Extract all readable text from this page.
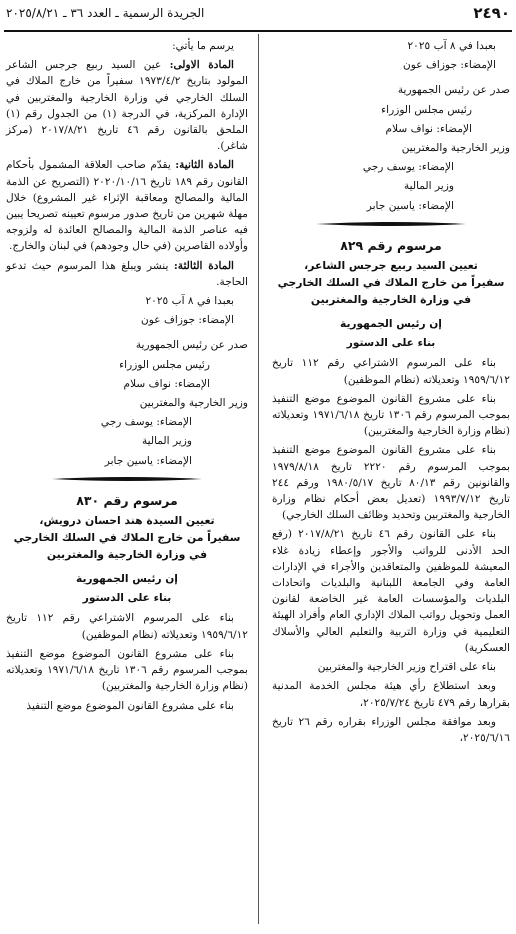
٢٤٩٠
الجريدة الرسمية ـ العدد ٣٦ ـ ٢٠٢٥/٨/٢١

بعبدا في ٨ آب ٢٠٢٥

الإمضاء: جوزاف عون

صدر عن رئيس الجمهورية

رئيس مجلس الوزراء

الإمضاء: نواف سلام

وزير الخارجية والمغتربين

الإمضاء: يوسف رجي

وزير المالية

الإمضاء: ياسين جابر

مرسوم رقم ٨٢٩
تعيين السيد ربيع جرجس الشاعر،
سفيراً من خارج الملاك في السلك الخارجي
في وزارة الخارجية والمغتربين

إن رئيس الجمهورية

بناء على الدستور

بناء على المرسوم الاشتراعي رقم ١١٢ تاريخ ١٩٥٩/٦/١٢ وتعديلاته (نظام الموظفين)

بناء على مشروع القانون الموضوع موضع التنفيذ بموجب المرسوم رقم ١٣٠٦ تاريخ ١٩٧١/٦/١٨ وتعديلاته (نظام وزارة الخارجية والمغتربين)

بناء على مشروع القانون الموضوع موضع التنفيذ بموجب المرسوم رقم ٢٢٢٠ تاريخ ١٩٧٩/٨/١٨ والقانونين رقم ٨٠/١٣ تاريخ ١٩٨٠/٥/١٧ ورقم ٢٤٤ تاريخ ١٩٩٣/٧/١٢ (تعديل بعض أحكام نظام وزارة الخارجية والمغتربين وتحديد وظائف السلك الخارجي)

بناء على القانون رقم ٤٦ تاريخ ٢٠١٧/٨/٢١ (رفع الحد الأدنى للرواتب والأجور وإعطاء زيادة غلاء المعيشة للموظفين والمتعاقدين والأجراء في الإدارات العامة وفي الجامعة اللبنانية والبلديات واتحادات البلديات والمؤسسات العامة غير الخاضعة لقانون العمل وتحويل رواتب الملاك الإداري العام وأفراد الهيئة التعليمية في وزارة التربية والتعليم العالي والأسلاك العسكرية)

بناء على اقتراح وزير الخارجية والمغتربين

وبعد استطلاع رأي هيئة مجلس الخدمة المدنية بقرارها رقم ٤٧٩ تاريخ ٢٠٢٥/٧/٢٤،

وبعد موافقة مجلس الوزراء بقراره رقم ٢٦ تاريخ ٢٠٢٥/٦/١٦،

يرسم ما يأتي:

المادة الاولى: عين السيد ربيع جرجس الشاعر المولود بتاريخ ١٩٧٣/٤/٢ سفيراً من خارج الملاك في السلك الخارجي في وزارة الخارجية والمغتربين في الإدارة المركزية، في الدرجة (١) من الجدول رقم (١) الملحق بالقانون رقم ٤٦ تاريخ ٢٠١٧/٨/٢١ (مركز شاغر).

المادة الثانية: يقدّم صاحب العلاقة المشمول بأحكام القانون رقم ١٨٩ تاريخ ٢٠٢٠/١٠/١٦ (التصريح عن الذمة المالية والمصالح ومعاقبة الإثراء غير المشروع) خلال مهلة شهرين من تاريخ صدور مرسوم تعيينه تصريحا يبين فيه عناصر الذمة المالية والمصالح العائدة له ولزوجه وأولاده القاصرين (في حال وجودهم) في لبنان والخارج.

المادة الثالثة: ينشر ويبلغ هذا المرسوم حيث تدعو الحاجة.

بعبدا في ٨ آب ٢٠٢٥

الإمضاء: جوزاف عون

صدر عن رئيس الجمهورية

رئيس مجلس الوزراء

الإمضاء: نواف سلام

وزير الخارجية والمغتربين

الإمضاء: يوسف رجي

وزير المالية

الإمضاء: ياسين جابر

مرسوم رقم ٨٣٠
تعيين السيدة هند احسان درويش،
سفيراً من خارج الملاك في السلك الخارجي
في وزارة الخارجية والمغتربين

إن رئيس الجمهورية

بناء على الدستور

بناء على المرسوم الاشتراعي رقم ١١٢ تاريخ ١٩٥٩/٦/١٢ وتعديلاته (نظام الموظفين)

بناء على مشروع القانون الموضوع موضع التنفيذ بموجب المرسوم رقم ١٣٠٦ تاريخ ١٩٧١/٦/١٨ وتعديلاته (نظام وزارة الخارجية والمغتربين)

بناء على مشروع القانون الموضوع موضع التنفيذ
